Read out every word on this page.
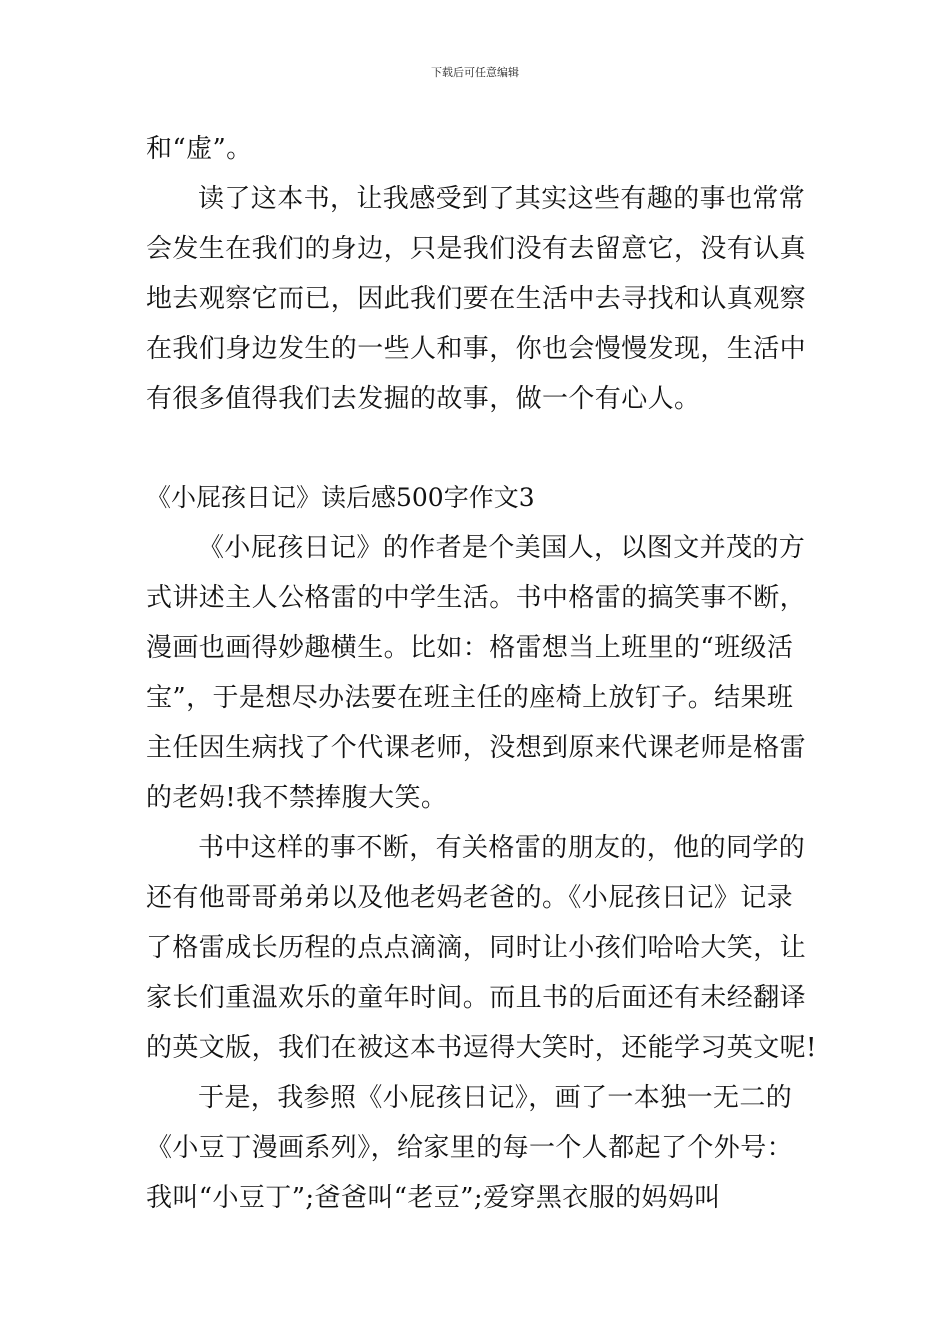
下载后可任意编辑
和“虚”。
读了这本书，让我感受到了其实这些有趣的事也常常
会发生在我们的身边，只是我们没有去留意它，没有认真
地去观察它而已，因此我们要在生活中去寻找和认真观察
在我们身边发生的一些人和事，你也会慢慢发现，生活中
有很多值得我们去发掘的故事，做一个有心人。
《小屁孩日记》读后感500字作文3
《小屁孩日记》的作者是个美国人，以图文并茂的方
式讲述主人公格雷的中学生活。书中格雷的搞笑事不断，
漫画也画得妙趣横生。比如：格雷想当上班里的“班级活
宝”，于是想尽办法要在班主任的座椅上放钉子。结果班
主任因生病找了个代课老师，没想到原来代课老师是格雷
的老妈!我不禁捧腹大笑。
书中这样的事不断，有关格雷的朋友的，他的同学的
还有他哥哥弟弟以及他老妈老爸的。《小屁孩日记》记录
了格雷成长历程的点点滴滴，同时让小孩们哈哈大笑，让
家长们重温欢乐的童年时间。而且书的后面还有未经翻译
的英文版，我们在被这本书逗得大笑时，还能学习英文呢!
于是，我参照《小屁孩日记》，画了一本独一无二的
《小豆丁漫画系列》，给家里的每一个人都起了个外号：
我叫“小豆丁”;爸爸叫“老豆”;爱穿黑衣服的妈妈叫
